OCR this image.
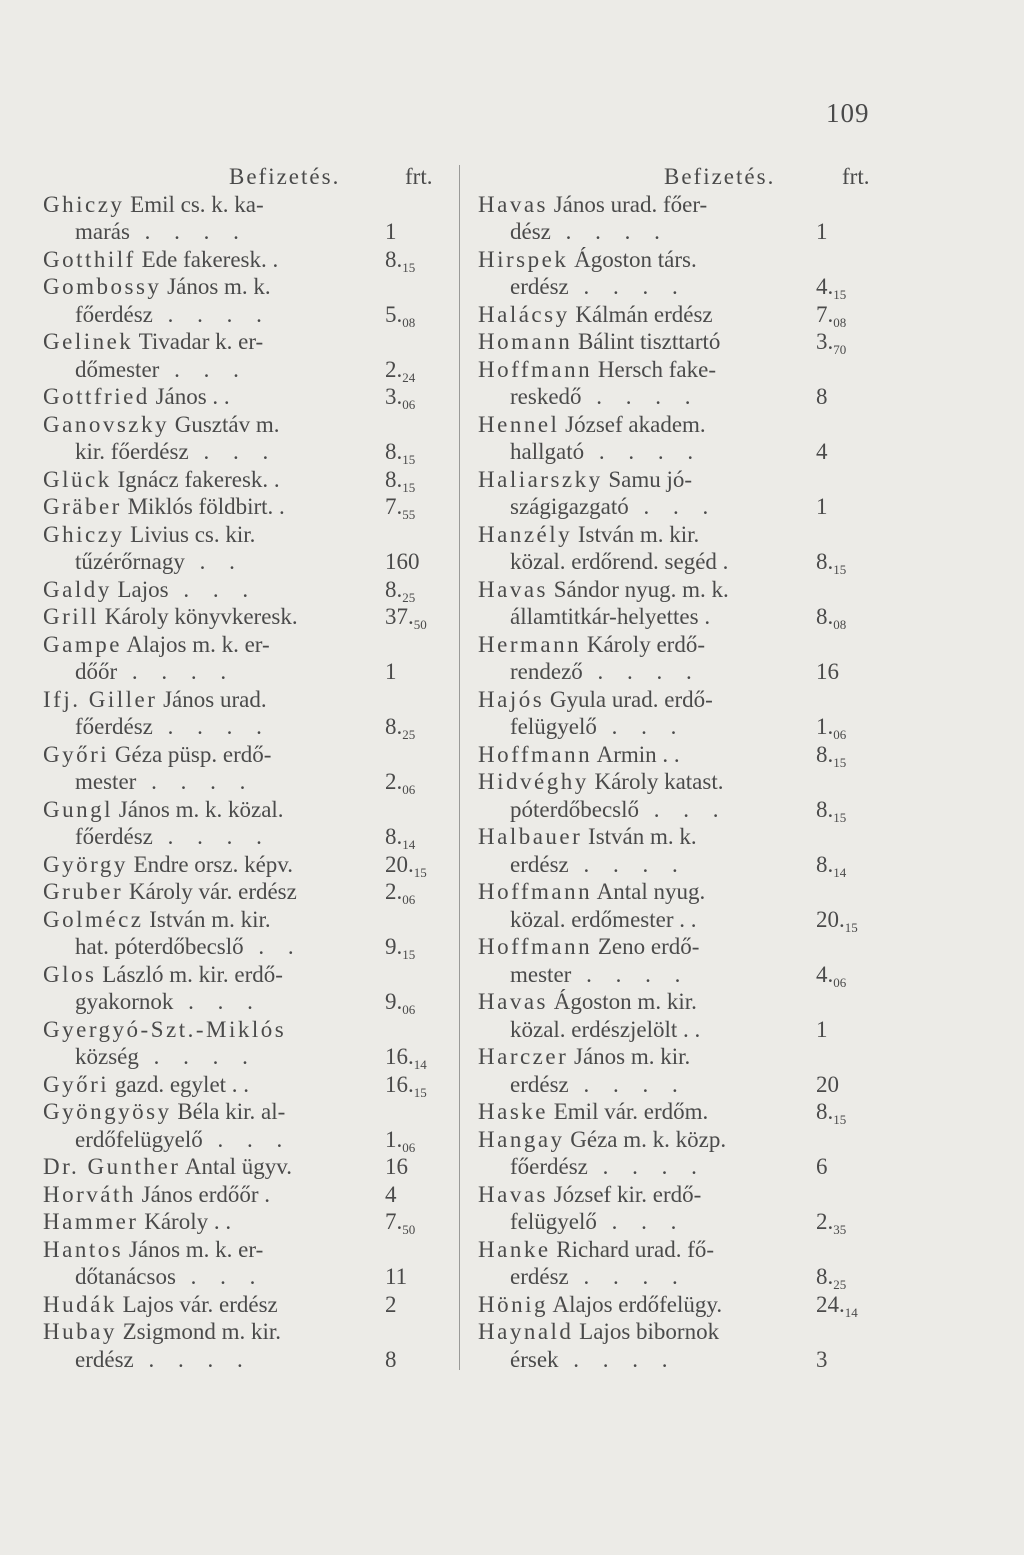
109
Befizetés.	frt.
Ghiczy Emil cs. k. ka-
marás . . . .	1
Gotthilf Ede fakeresk. .	$8._{15}$
Gombossy János m. k.
főerdész . . . .	$5._{08}$
Gelinek Tivadar k. er-
dőmester . . .	$2._{24}$
Gottfried János . .	$3._{06}$
Ganovszky Gusztáv m.
kir. főerdész . . .	$8._{15}$
Glück Ignácz fakeresk. .	$8._{15}$
Gräber Miklós földbirt. .	$7._{55}$
Ghiczy Livius cs. kir.
tűzérőrnagy . .	160
Galdy Lajos . . .	$8._{25}$
Grill Károly könyvkeresk.	$37._{50}$
Gampe Alajos m. k. er-
dőőr . . . .	1
Ifj. Giller János urad.
főerdész . . . .	$8._{25}$
Győri Géza püsp. erdő-
mester . . . .	$2._{06}$
Gungl János m. k. közal.
főerdész . . . .	$8._{14}$
György Endre orsz. képv.	$20._{15}$
Gruber Károly vár. erdész	$2._{06}$
Golmécz István m. kir.
hat. póterdőbecslő . .	$9._{15}$
Glos László m. kir. erdő-
gyakornok . . .	$9._{06}$
Gyergyó-Szt.-Miklós
község . . . .	$16._{14}$
Győri gazd. egylet . .	$16._{15}$
Gyöngyösy Béla kir. al-
erdőfelügyelő . . .	$1._{06}$
Dr. Gunther Antal ügyv.	16
Horváth János erdőőr .	4
Hammer Károly . .	$7._{50}$
Hantos János m. k. er-
dőtanácsos . . .	11
Hudák Lajos vár. erdész	2
Hubay Zsigmond m. kir.
erdész . . . .	8
Befizetés.	frt.
Havas János urad. főer-
dész . . . .	1
Hirspek Ágoston társ.
erdész . . . .	$4._{15}$
Halácsy Kálmán erdész	$7._{08}$
Homann Bálint tiszttartó	$3._{70}$
Hoffmann Hersch fake-
reskedő . . . .	8
Hennel József akadem.
hallgató . . . .	4
Haliarszky Samu jó-
szágigazgató . . .	1
Hanzély István m. kir.
közal. erdőrend. segéd .	$8._{15}$
Havas Sándor nyug. m. k.
államtitkár-helyettes .	$8._{08}$
Hermann Károly erdő-
rendező . . . .	16
Hajós Gyula urad. erdő-
felügyelő . . .	$1._{06}$
Hoffmann Armin . .	$8._{15}$
Hidvéghy Károly katast.
póterdőbecslő . . .	$8._{15}$
Halbauer István m. k.
erdész . . . .	$8._{14}$
Hoffmann Antal nyug.
közal. erdőmester . .	$20._{15}$
Hoffmann Zeno erdő-
mester . . . .	$4._{06}$
Havas Ágoston m. kir.
közal. erdészjelölt . .	1
Harczer János m. kir.
erdész . . . .	20
Haske Emil vár. erdőm.	$8._{15}$
Hangay Géza m. k. közp.
főerdész . . . .	6
Havas József kir. erdő-
felügyelő . . .	$2._{35}$
Hanke Richard urad. fő-
erdész . . . .	$8._{25}$
Hönig Alajos erdőfelügy.	$24._{14}$
Haynald Lajos bibornok
érsek . . . .	3
